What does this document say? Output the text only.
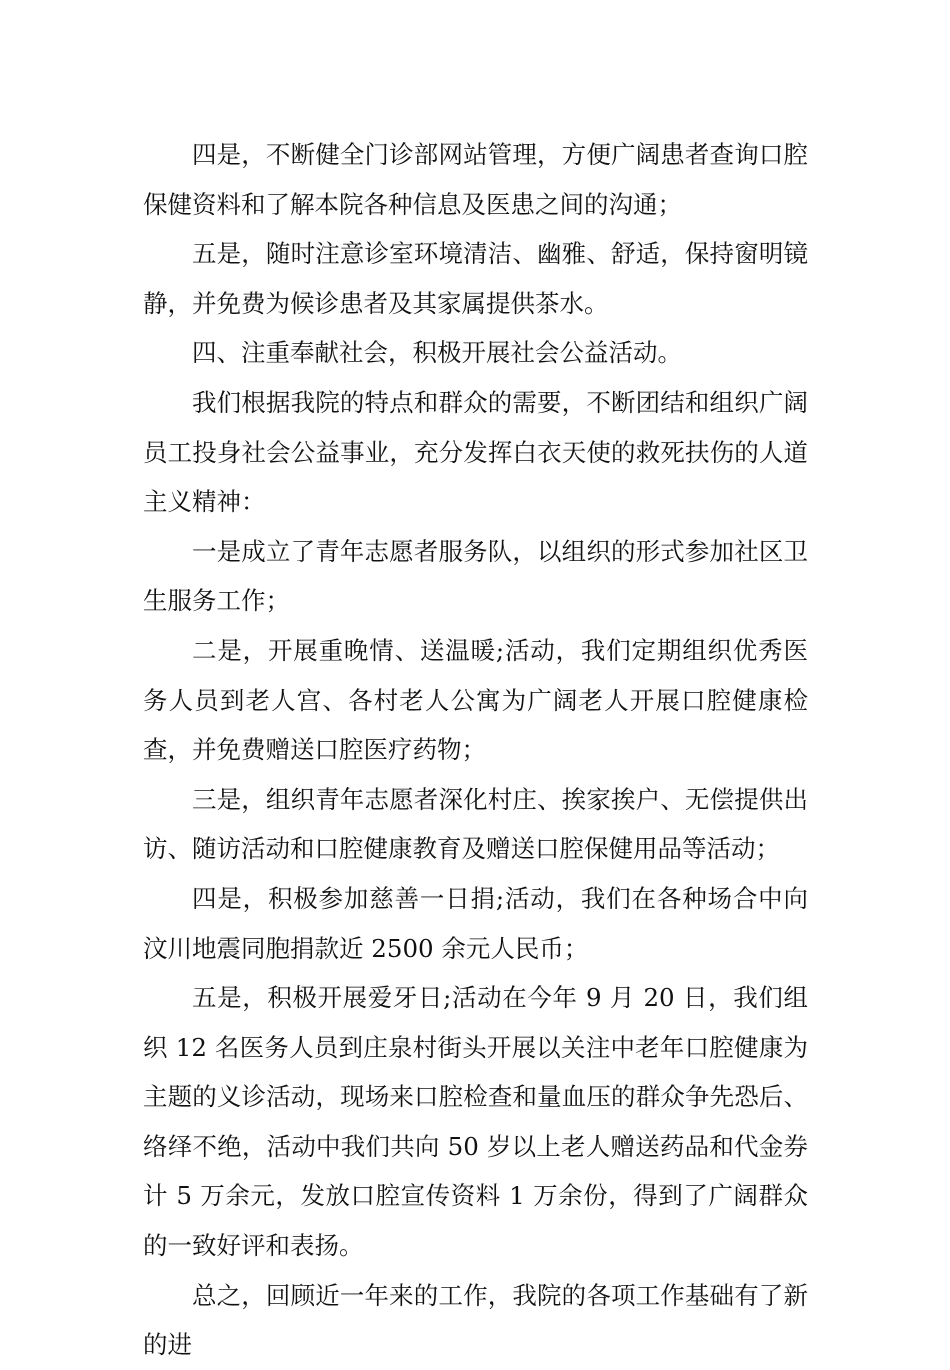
四是，不断健全门诊部网站管理，方便广阔患者查询口腔保健资料和了解本院各种信息及医患之间的沟通；

五是，随时注意诊室环境清洁、幽雅、舒适，保持窗明镜静，并免费为候诊患者及其家属提供茶水。

四、注重奉献社会，积极开展社会公益活动。

我们根据我院的特点和群众的需要，不断团结和组织广阔员工投身社会公益事业，充分发挥白衣天使的救死扶伤的人道主义精神：

一是成立了青年志愿者服务队，以组织的形式参加社区卫生服务工作；

二是，开展重晚情、送温暖;活动，我们定期组织优秀医务人员到老人宫、各村老人公寓为广阔老人开展口腔健康检查，并免费赠送口腔医疗药物；

三是，组织青年志愿者深化村庄、挨家挨户、无偿提供出访、随访活动和口腔健康教育及赠送口腔保健用品等活动；

四是，积极参加慈善一日捐;活动，我们在各种场合中向汶川地震同胞捐款近 2500 余元人民币；

五是，积极开展爱牙日;活动在今年 9 月 20 日，我们组织 12 名医务人员到庄泉村街头开展以关注中老年口腔健康为主题的义诊活动，现场来口腔检查和量血压的群众争先恐后、络绎不绝，活动中我们共向 50 岁以上老人赠送药品和代金券计 5 万余元，发放口腔宣传资料 1 万余份，得到了广阔群众的一致好评和表扬。

总之，回顾近一年来的工作，我院的各项工作基础有了新的进
